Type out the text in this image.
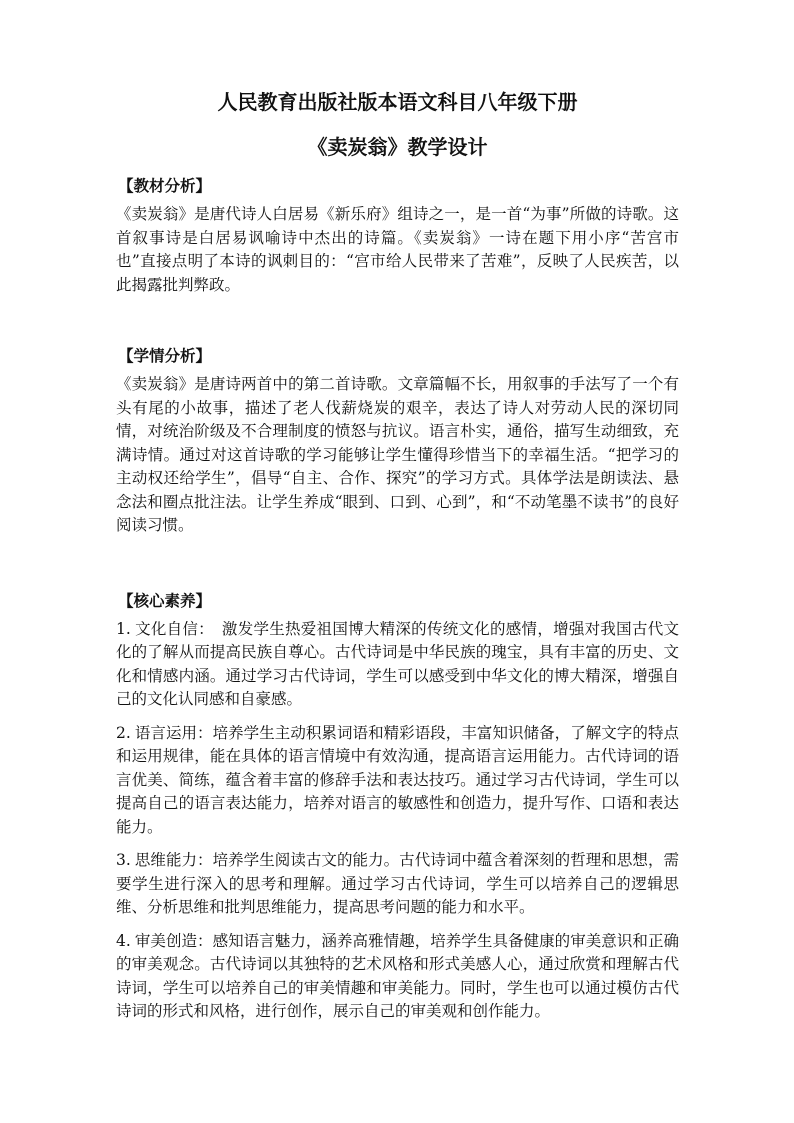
人民教育出版社版本语文科目八年级下册
《卖炭翁》教学设计
【教材分析】

《卖炭翁》是唐代诗人白居易《新乐府》组诗之一，是一首“为事”所做的诗歌。这首叙事诗是白居易讽喻诗中杰出的诗篇。《卖炭翁》一诗在题下用小序“苦宫市也”直接点明了本诗的讽刺目的：“宫市给人民带来了苦难”，反映了人民疾苦，以此揭露批判弊政。

【学情分析】

《卖炭翁》是唐诗两首中的第二首诗歌。文章篇幅不长，用叙事的手法写了一个有头有尾的小故事，描述了老人伐薪烧炭的艰辛，表达了诗人对劳动人民的深切同情，对统治阶级及不合理制度的愤怒与抗议。语言朴实，通俗，描写生动细致，充满诗情。通过对这首诗歌的学习能够让学生懂得珍惜当下的幸福生活。“把学习的主动权还给学生”，倡导“自主、合作、探究”的学习方式。具体学法是朗读法、悬念法和圈点批注法。让学生养成“眼到、口到、心到”，和“不动笔墨不读书”的良好阅读习惯。

【核心素养】

1. 文化自信：　激发学生热爱祖国博大精深的传统文化的感情，增强对我国古代文化的了解从而提高民族自尊心。古代诗词是中华民族的瑰宝，具有丰富的历史、文化和情感内涵。通过学习古代诗词，学生可以感受到中华文化的博大精深，增强自己的文化认同感和自豪感。

2. 语言运用：培养学生主动积累词语和精彩语段，丰富知识储备，了解文字的特点和运用规律，能在具体的语言情境中有效沟通，提高语言运用能力。古代诗词的语言优美、简练，蕴含着丰富的修辞手法和表达技巧。通过学习古代诗词，学生可以提高自己的语言表达能力，培养对语言的敏感性和创造力，提升写作、口语和表达能力。

3. 思维能力：培养学生阅读古文的能力。古代诗词中蕴含着深刻的哲理和思想，需要学生进行深入的思考和理解。通过学习古代诗词，学生可以培养自己的逻辑思维、分析思维和批判思维能力，提高思考问题的能力和水平。

4. 审美创造：感知语言魅力，涵养高雅情趣，培养学生具备健康的审美意识和正确的审美观念。古代诗词以其独特的艺术风格和形式美感人心，通过欣赏和理解古代诗词，学生可以培养自己的审美情趣和审美能力。同时，学生也可以通过模仿古代诗词的形式和风格，进行创作，展示自己的审美观和创作能力。
